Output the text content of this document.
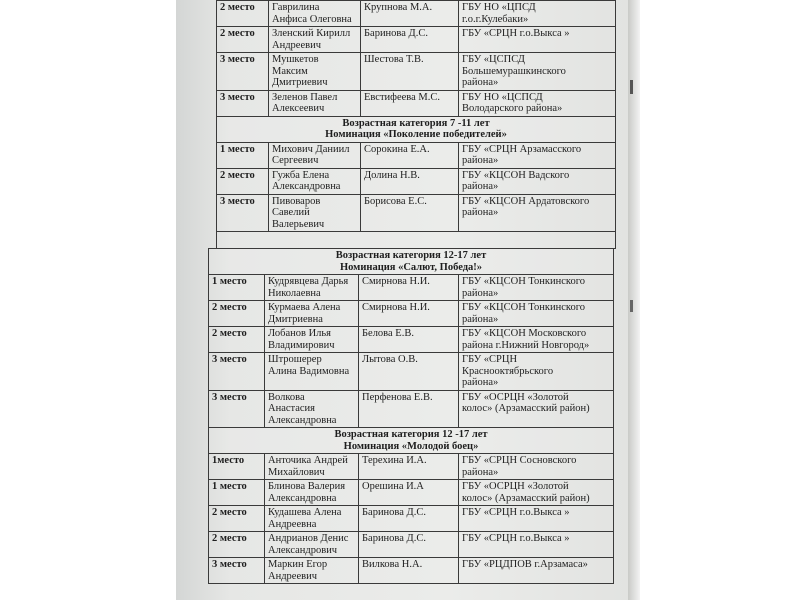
2 место	Гаврилина
Анфиса Олеговна	Крупнова М.А.	ГБУ НО «ЦПСД
г.о.г.Кулебаки»

2 место	Зленский Кирилл
Андреевич	Баринова Д.С.	ГБУ «СРЦН г.о.Выкса »

3 место	Мушкетов
Максим
Дмитриевич	Шестова Т.В.	ГБУ «ЦСПСД
Большемурашкинского
района»

3 место	Зеленов Павел
Алексеевич	Евстифеева М.С.	ГБУ НО «ЦСПСД
Володарского района»

Возрастная категория 7 -11 лет
Номинация «Поколение победителей»			

1 место	Михович Даниил
Сергеевич	Сорокина Е.А.	ГБУ «СРЦН Арзамасского
района»

2 место	Гужба Елена
Александровна	Долина Н.В.	ГБУ «КЦСОН Вадского
района»

3 место	Пивоваров
Савелий
Валерьевич	Борисова Е.С.	ГБУ «КЦСОН Ардатовского
района»

Возрастная категория 12-17 лет
Номинация «Салют, Победа!»			

1 место	Кудрявцева Дарья
Николаевна	Смирнова Н.И.	ГБУ «КЦСОН Тонкинского
района»

2 место	Курмаева Алена
Дмитриевна	Смирнова Н.И.	ГБУ «КЦСОН Тонкинского
района»

2 место	Лобанов Илья
Владимирович	Белова Е.В.	ГБУ «КЦСОН Московского
района г.Нижний Новгород»

3 место	Штрошерер
Алина Вадимовна	Лытова О.В.	ГБУ «СРЦН
Краснооктябрьского
района»

3 место	Волкова
Анастасия
Александровна	Перфенова Е.В.	ГБУ «ОСРЦН «Золотой
колос» (Арзамасский район)

Возрастная категория 12 -17 лет
Номинация «Молодой боец»			

1место	Анточика Андрей
Михайлович	Терехина И.А.	ГБУ «СРЦН Сосновского
района»

1 место	Блинова Валерия
Александровна	Орешина И.А	ГБУ «ОСРЦН «Золотой
колос» (Арзамасский район)

2 место	Кудашева Алена
Андреевна	Баринова Д.С.	ГБУ «СРЦН г.о.Выкса »

2 место	Андрианов Денис
Александрович	Баринова Д.С.	ГБУ «СРЦН г.о.Выкса »

3 место	Маркин Егор
Андреевич	Вилкова Н.А.	ГБУ «РЦДПОВ г.Арзамаса»
